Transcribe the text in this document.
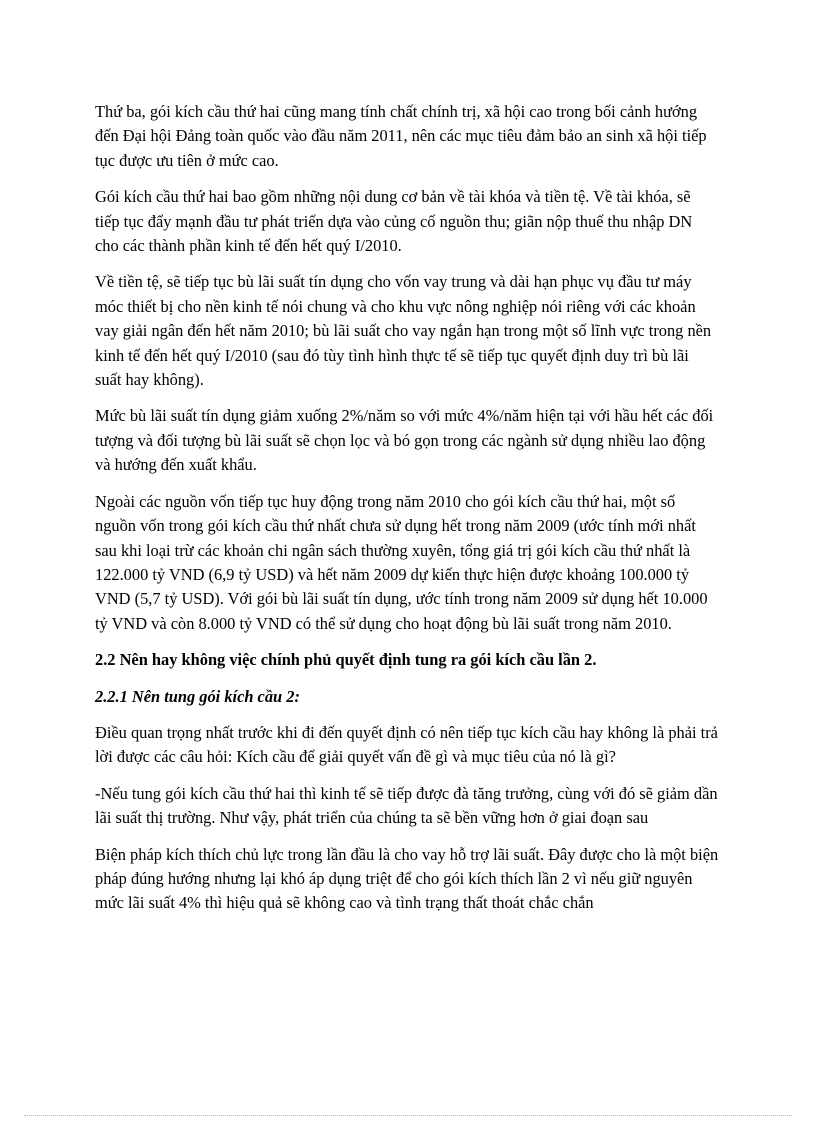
Thứ ba, gói kích cầu thứ hai cũng mang tính chất chính trị, xã hội cao trong bối cảnh hướng đến Đại hội Đảng toàn quốc vào đầu năm 2011, nên các mục tiêu đảm bảo an sinh xã hội tiếp tục được ưu tiên ở mức cao.

Gói kích cầu thứ hai bao gồm những nội dung cơ bản về tài khóa và tiền tệ. Về tài khóa, sẽ tiếp tục đẩy mạnh đầu tư phát triển dựa vào củng cố nguồn thu; giãn nộp thuế thu nhập DN cho các thành phần kinh tế đến hết quý I/2010.

Về tiền tệ, sẽ tiếp tục bù lãi suất tín dụng cho vốn vay trung và dài hạn phục vụ đầu tư máy móc thiết bị cho nền kinh tế nói chung và cho khu vực nông nghiệp nói riêng với các khoản vay giải ngân đến hết năm 2010; bù lãi suất cho vay ngắn hạn trong một số lĩnh vực trong nền kinh tế đến hết quý I/2010 (sau đó tùy tình hình thực tế sẽ tiếp tục quyết định duy trì bù lãi suất hay không).

Mức bù lãi suất tín dụng giảm xuống 2%/năm so với mức 4%/năm hiện tại với hầu hết các đối tượng và đối tượng bù lãi suất sẽ chọn lọc và bó gọn trong các ngành sử dụng nhiều lao động và hướng đến xuất khẩu.

Ngoài các nguồn vốn tiếp tục huy động trong năm 2010 cho gói kích cầu thứ hai, một số nguồn vốn trong gói kích cầu thứ nhất chưa sử dụng hết trong năm 2009 (ước tính mới nhất sau khi loại trừ các khoản chi ngân sách thường xuyên, tổng giá trị gói kích cầu thứ nhất là 122.000 tỷ VND (6,9 tỷ USD) và hết năm 2009 dự kiến thực hiện được khoảng 100.000 tỷ VND (5,7 tỷ USD). Với gói bù lãi suất tín dụng, ước tính trong năm 2009 sử dụng hết 10.000 tỷ VND và còn 8.000 tỷ VND có thể sử dụng cho hoạt động bù lãi suất trong năm 2010.

2.2 Nên hay không việc chính phủ quyết định tung ra gói kích cầu lần 2.
2.2.1 Nên tung gói kích cầu 2:

Điều quan trọng nhất trước khi đi đến quyết định có nên tiếp tục kích cầu hay không là phải trả lời được các câu hỏi: Kích cầu để giải quyết vấn đề gì và mục tiêu của nó là gì?

-Nếu tung gói kích cầu thứ hai thì kinh tế sẽ tiếp được đà tăng trưởng, cùng với đó sẽ giảm dần lãi suất thị trường. Như vậy, phát triển của chúng ta sẽ bền vững hơn ở giai đoạn sau

Biện pháp kích thích chủ lực trong lần đầu là cho vay hỗ trợ lãi suất. Đây được cho là một biện pháp đúng hướng nhưng lại khó áp dụng triệt để cho gói kích thích lần 2 vì nếu giữ nguyên mức lãi suất 4% thì hiệu quả sẽ không cao và tình trạng thất thoát chắc chắn
